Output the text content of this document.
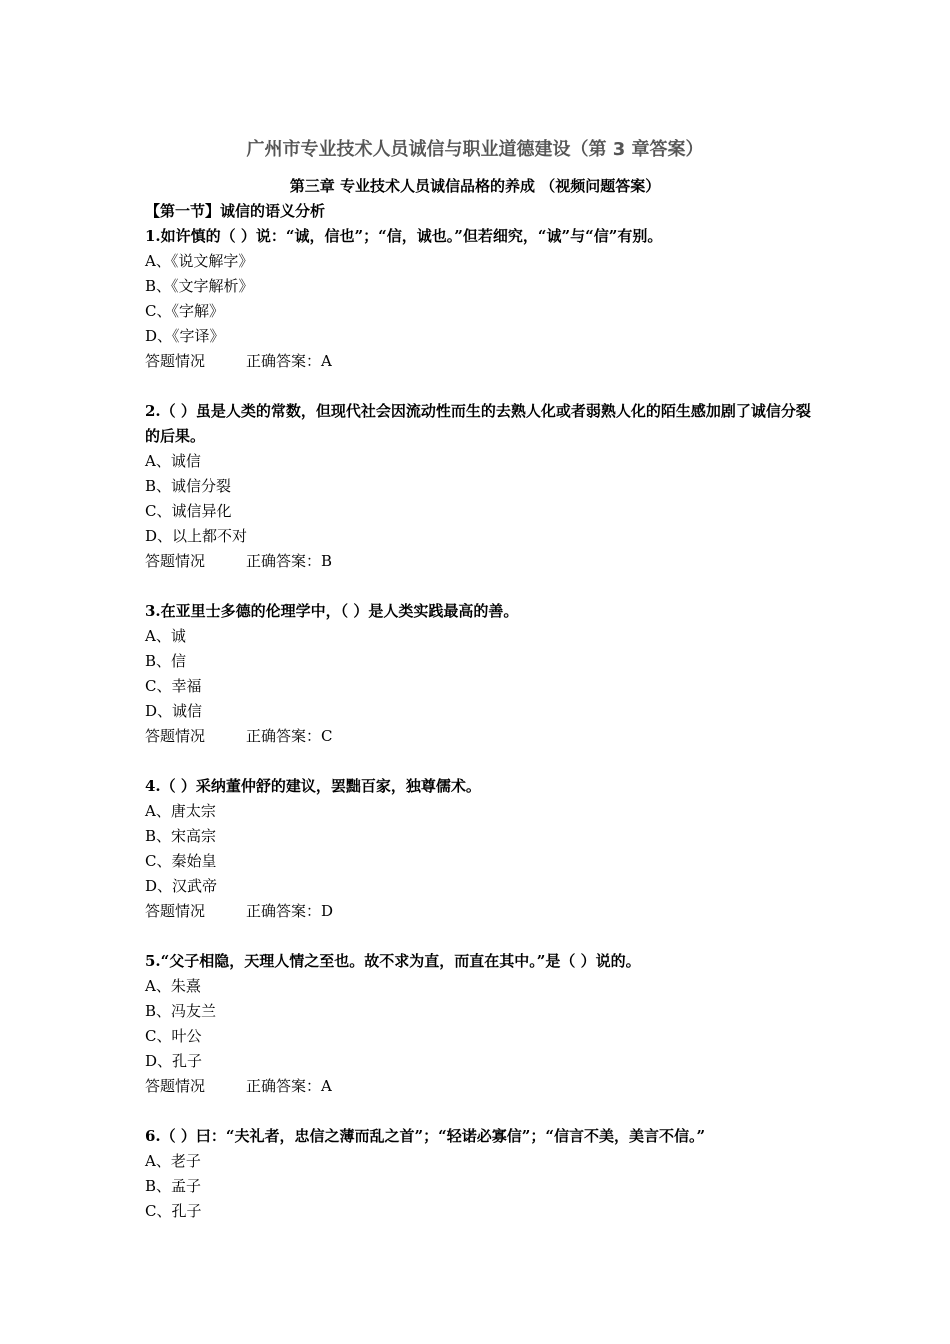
广州市专业技术人员诚信与职业道德建设（第 3 章答案）
第三章 专业技术人员诚信品格的养成 （视频问题答案）
【第一节】诚信的语义分析
1.如许慎的（ ）说：“诚，信也”；“信，诚也。”但若细究，“诚”与“信”有别。
A、《说文解字》
B、《文字解析》
C、《字解》
D、《字译》
答题情况	正确答案：A
2.（ ）虽是人类的常数，但现代社会因流动性而生的去熟人化或者弱熟人化的陌生感加剧了诚信分裂的后果。
A、诚信
B、诚信分裂
C、诚信异化
D、以上都不对
答题情况	正确答案：B
3.在亚里士多德的伦理学中，（ ）是人类实践最高的善。
A、诚
B、信
C、幸福
D、诚信
答题情况	正确答案：C
4.（ ）采纳董仲舒的建议，罢黜百家，独尊儒术。
A、唐太宗
B、宋高宗
C、秦始皇
D、汉武帝
答题情况	正确答案：D
5.“父子相隐，天理人情之至也。故不求为直，而直在其中。”是（ ）说的。
A、朱熹
B、冯友兰
C、叶公
D、孔子
答题情况	正确答案：A
6.（ ）曰：“夫礼者，忠信之薄而乱之首”；“轻诺必寡信”；“信言不美，美言不信。”
A、老子
B、孟子
C、孔子
